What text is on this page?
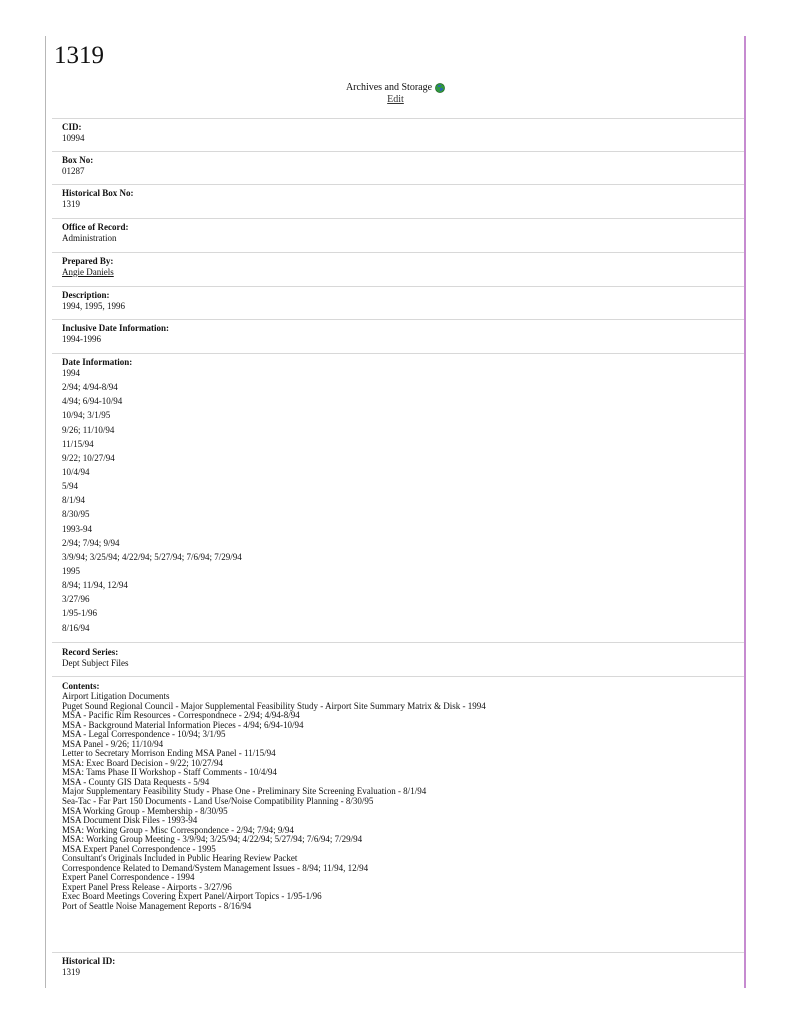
1319
Archives and Storage

Edit
CID:
10994
Box No:
01287
Historical Box No:
1319
Office of Record:
Administration
Prepared By:
Angie Daniels
Description:
1994, 1995, 1996
Inclusive Date Information:
1994-1996
Date Information:
1994
2/94; 4/94-8/94
4/94; 6/94-10/94
10/94; 3/1/95
9/26; 11/10/94
11/15/94
9/22; 10/27/94
10/4/94
5/94
8/1/94
8/30/95
1993-94
2/94; 7/94; 9/94
3/9/94; 3/25/94; 4/22/94; 5/27/94; 7/6/94; 7/29/94
1995
8/94; 11/94, 12/94
3/27/96
1/95-1/96
8/16/94
Record Series:
Dept Subject Files
Contents:
Airport Litigation Documents
Puget Sound Regional Council - Major Supplemental Feasibility Study - Airport Site Summary Matrix & Disk - 1994
MSA - Pacific Rim Resources - Correspondnece - 2/94; 4/94-8/94
MSA - Background Material Information Pieces - 4/94; 6/94-10/94
MSA - Legal Correspondence - 10/94; 3/1/95
MSA Panel - 9/26; 11/10/94
Letter to Secretary Morrison Ending MSA Panel - 11/15/94
MSA: Exec Board Decision - 9/22; 10/27/94
MSA: Tams Phase II Workshop - Staff Comments - 10/4/94
MSA - County GIS Data Requests - 5/94
Major Supplementary Feasibility Study - Phase One - Preliminary Site Screening Evaluation - 8/1/94
Sea-Tac - Far Part 150 Documents - Land Use/Noise Compatibility Planning - 8/30/95
MSA Working Group - Membership - 8/30/95
MSA Document Disk Files - 1993-94
MSA: Working Group - Misc Correspondence - 2/94; 7/94; 9/94
MSA: Working Group Meeting - 3/9/94; 3/25/94; 4/22/94; 5/27/94; 7/6/94; 7/29/94
MSA Expert Panel Correspondence - 1995
Consultant's Originals Included in Public Hearing Review Packet
Correspondence Related to Demand/System Management Issues - 8/94; 11/94, 12/94
Expert Panel Correspondence - 1994
Expert Panel Press Release - Airports - 3/27/96
Exec Board Meetings Covering Expert Panel/Airport Topics - 1/95-1/96
Port of Seattle Noise Management Reports - 8/16/94
Historical ID:
1319
